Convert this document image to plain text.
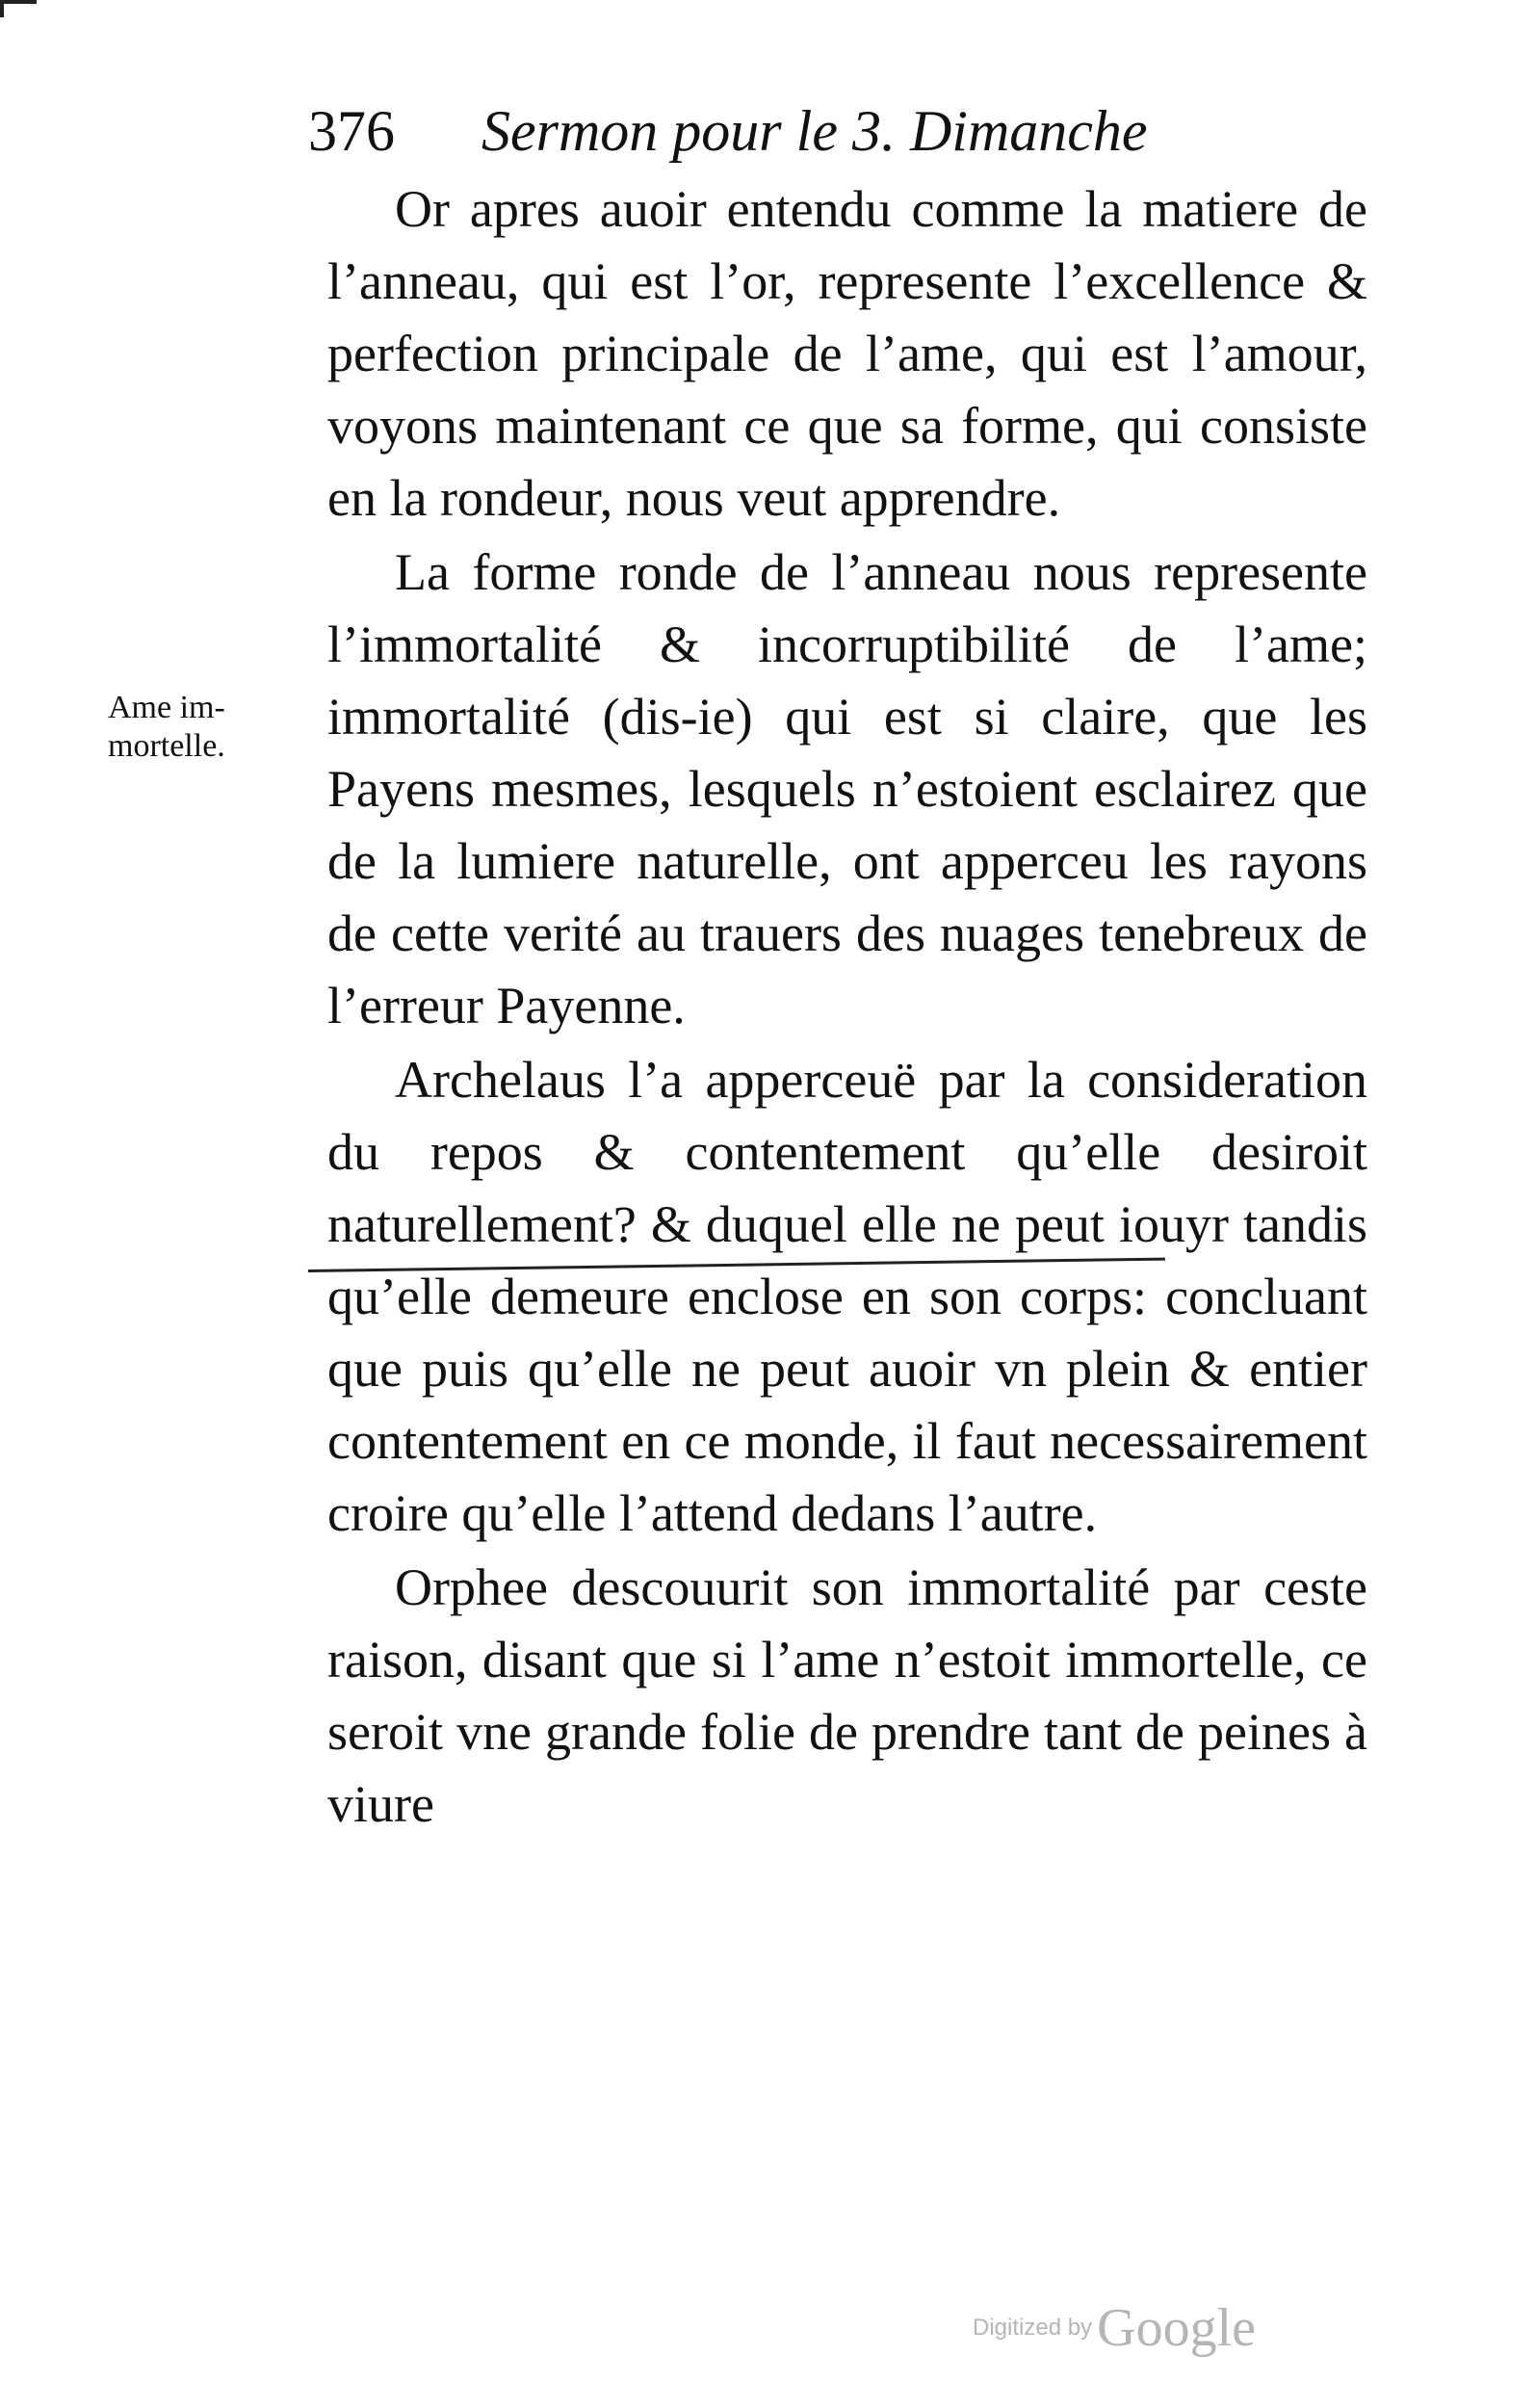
376 Sermon pour le 3. Dimanche
Ame im-mortelle.

Or apres auoir entendu comme la matiere de l’anneau, qui est l’or, represente l’excellence & perfection principale de l’ame, qui est l’amour, voyons maintenant ce que sa forme, qui consiste en la rondeur, nous veut apprendre.

La forme ronde de l’anneau nous represente l’immortalité & incorruptibilité de l’ame; immortalité (dis-ie) qui est si claire, que les Payens mesmes, lesquels n’estoient esclairez que de la lumiere naturelle, ont apperceu les rayons de cette verité au trauers des nuages tenebreux de l’erreur Payenne.

Archelaus l’a apperceuë par la consideration du repos & contentement qu’elle desiroit naturellement? & duquel elle ne peut iouyr tandis qu’elle demeure enclose en son corps: concluant que puis qu’elle ne peut auoir vn plein & entier contentement en ce monde, il faut necessairement croire qu’elle l’attend dedans l’autre.

Orphee descouurit son immortalité par ceste raison, disant que si l’ame n’estoit immortelle, ce seroit vne grande folie de prendre tant de peines à viure

Digitized by Google
